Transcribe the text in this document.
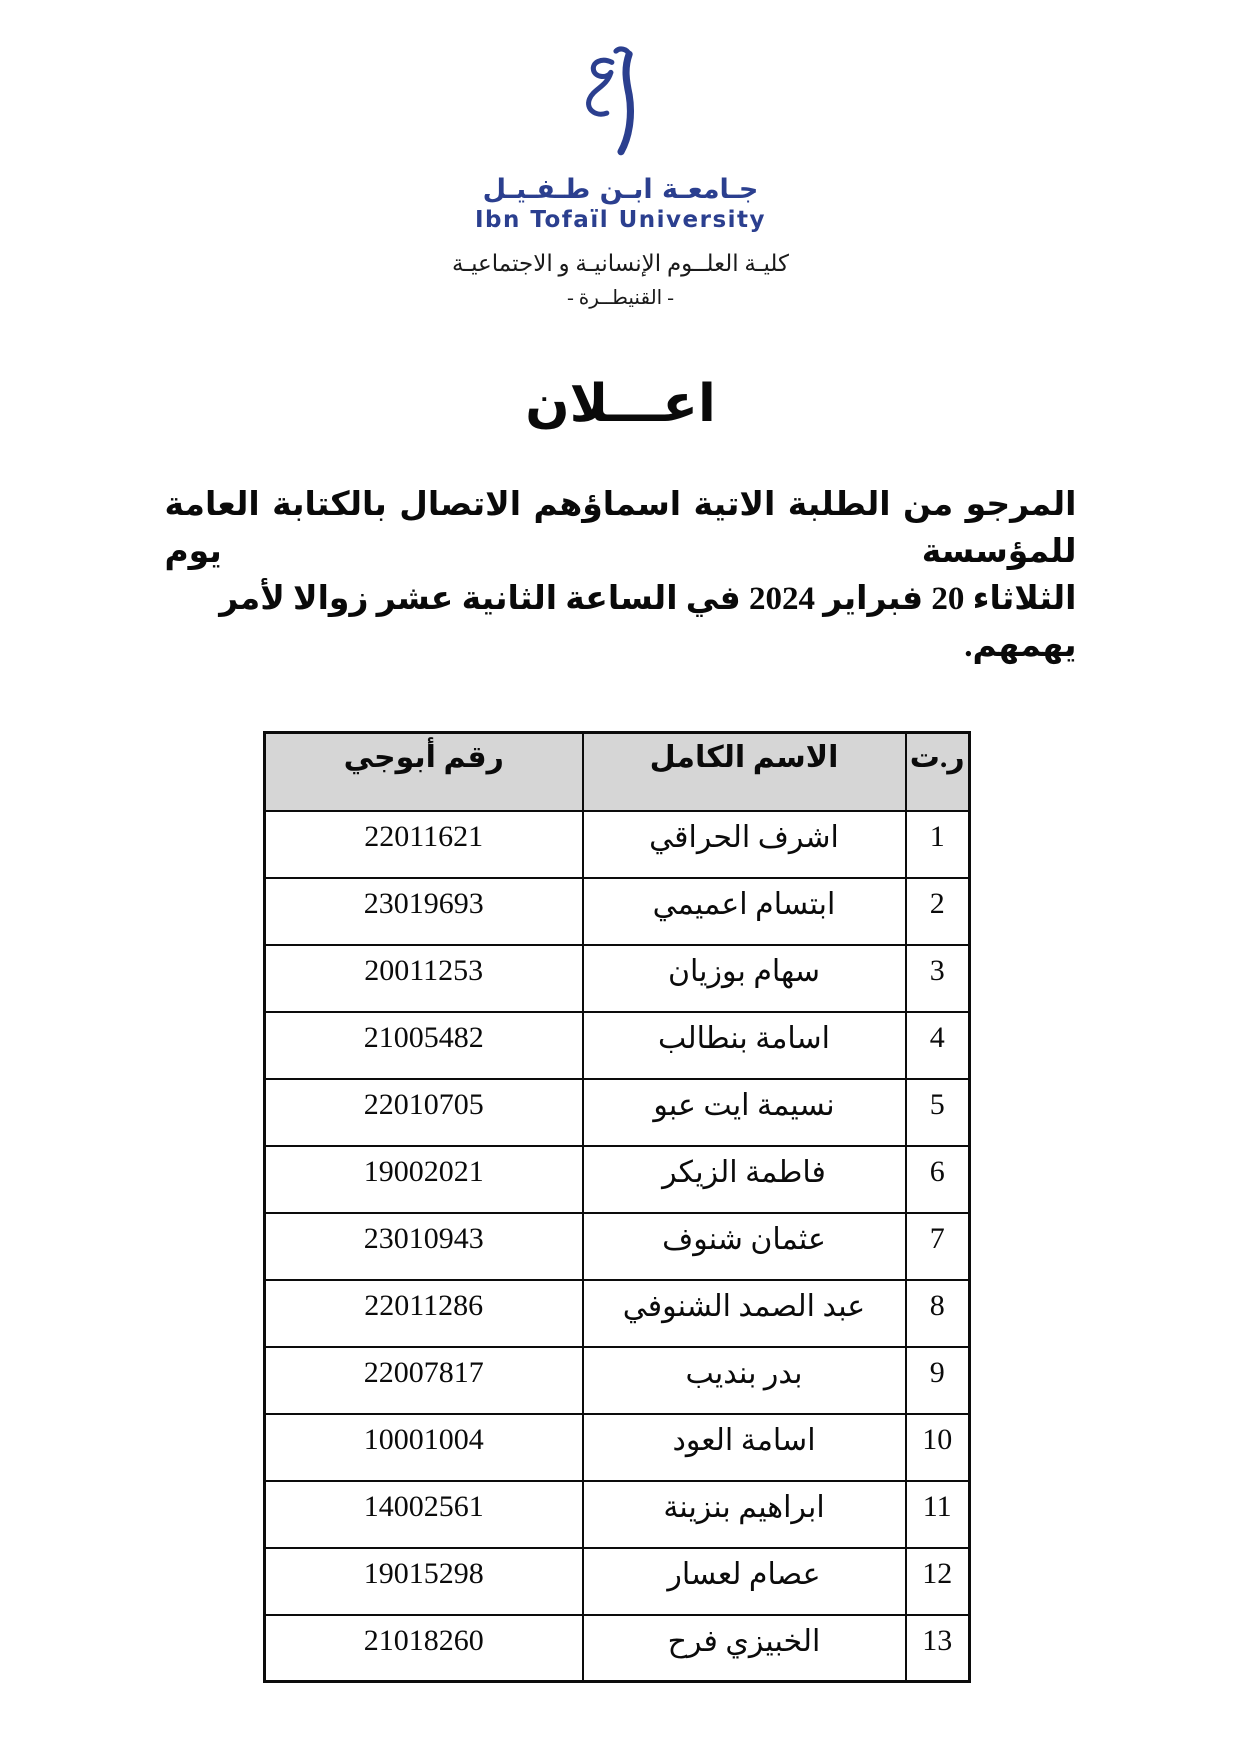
جـامعـة ابـن طـفـيـل
Ibn Tofaïl University
كليـة العلــوم الإنسانيـة و الاجتماعيـة
- القنيطــرة -
اعـــلان
المرجو من الطلبة الاتية اسماؤهم الاتصال بالكتابة العامة للمؤسسة يوم
الثلاثاء 20 فبراير 2024 في الساعة الثانية عشر زوالا لأمر يهمهم.
ر.ت	الاسم الكامل	رقم أبوجي
1	اشرف الحراقي	22011621
2	ابتسام اعميمي	23019693
3	سهام بوزيان	20011253
4	اسامة بنطالب	21005482
5	نسيمة ايت عبو	22010705
6	فاطمة الزيكر	19002021
7	عثمان شنوف	23010943
8	عبد الصمد الشنوفي	22011286
9	بدر بنديب	22007817
10	اسامة العود	10001004
11	ابراهيم بنزينة	14002561
12	عصام لعسار	19015298
13	الخبيزي فرح	21018260
